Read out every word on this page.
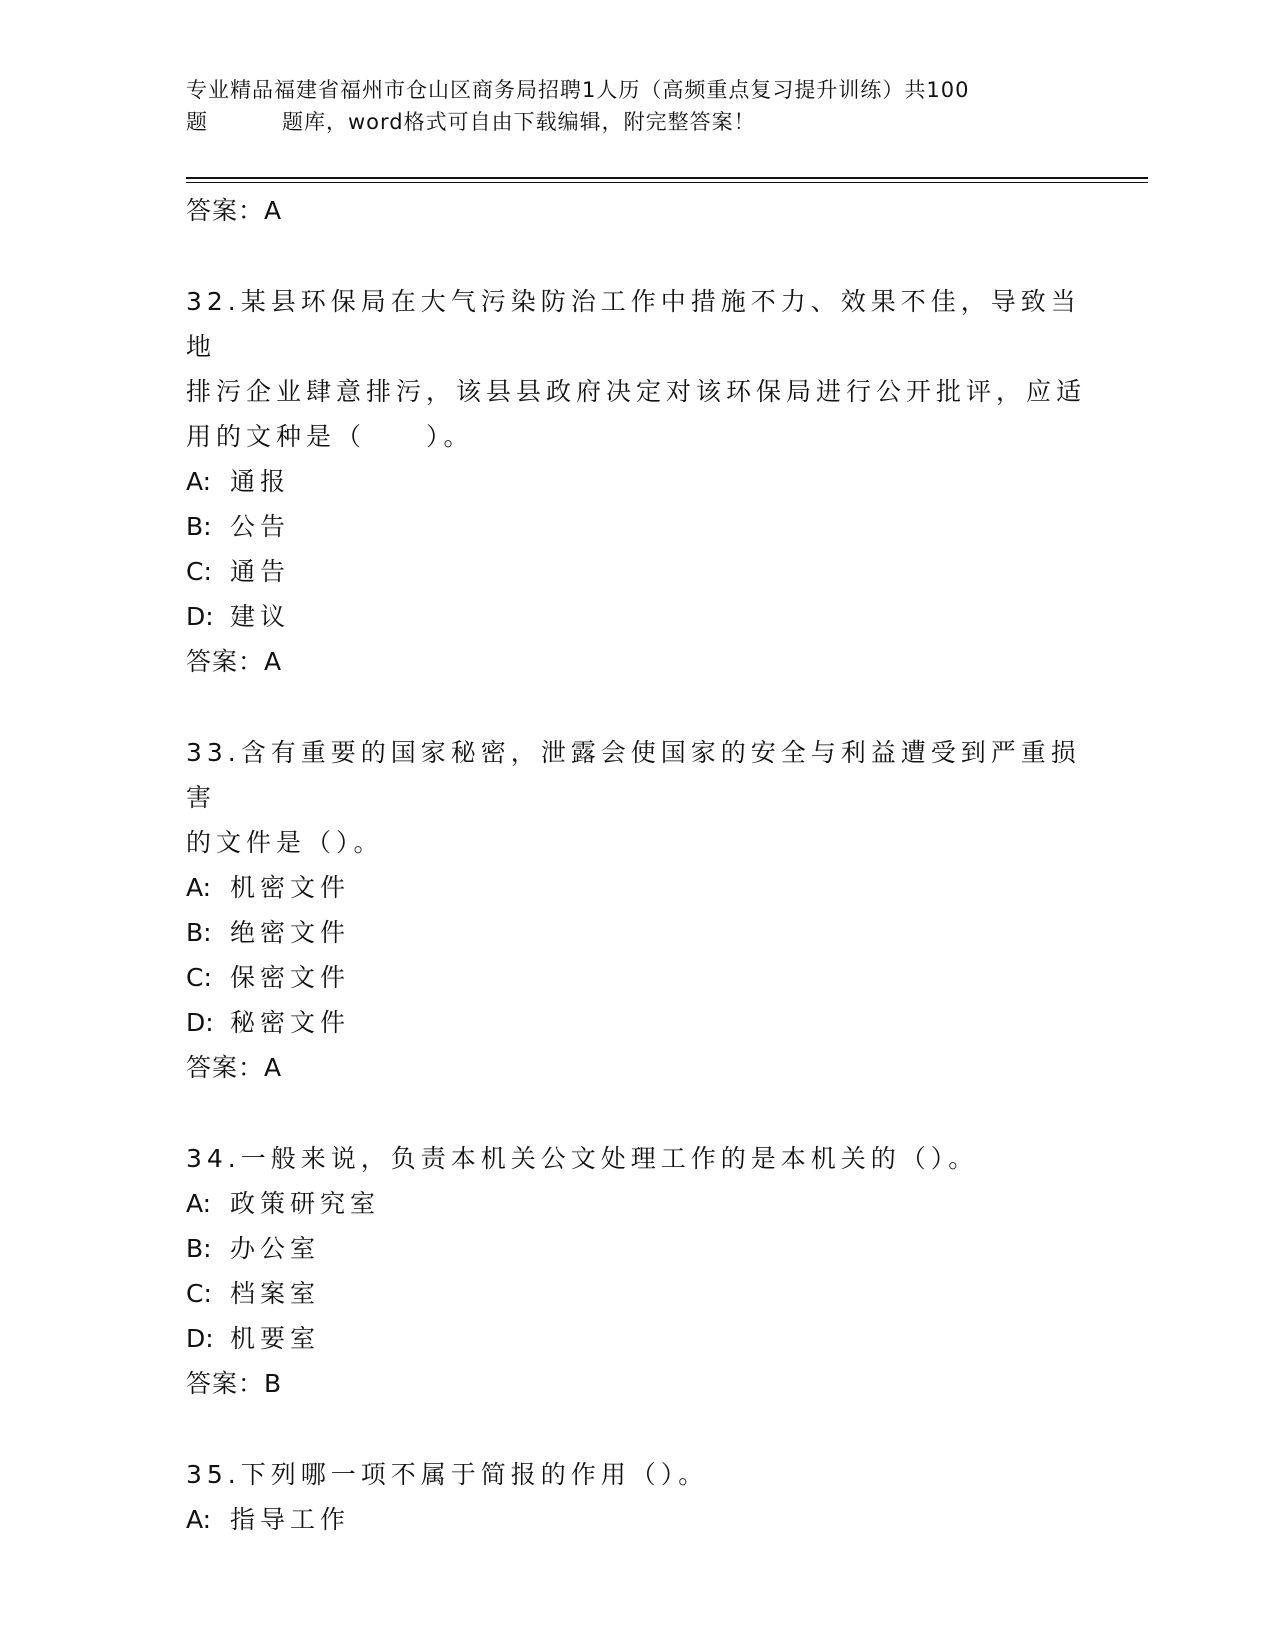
专业精品福建省福州市仓山区商务局招聘1人历（高频重点复习提升训练）共100
题	题库，word格式可自由下载编辑，附完整答案！
答案：A
32.某县环保局在大气污染防治工作中措施不力、效果不佳，导致当地
排污企业肆意排污，该县县政府决定对该环保局进行公开批评，应适
用的文种是（　　）。
A: 通报
B: 公告
C: 通告
D: 建议
答案：A
33.含有重要的国家秘密，泄露会使国家的安全与利益遭受到严重损害
的文件是（）。
A: 机密文件
B: 绝密文件
C: 保密文件
D: 秘密文件
答案：A
34.一般来说，负责本机关公文处理工作的是本机关的（）。
A: 政策研究室
B: 办公室
C: 档案室
D: 机要室
答案：B
35.下列哪一项不属于简报的作用（）。
A: 指导工作
